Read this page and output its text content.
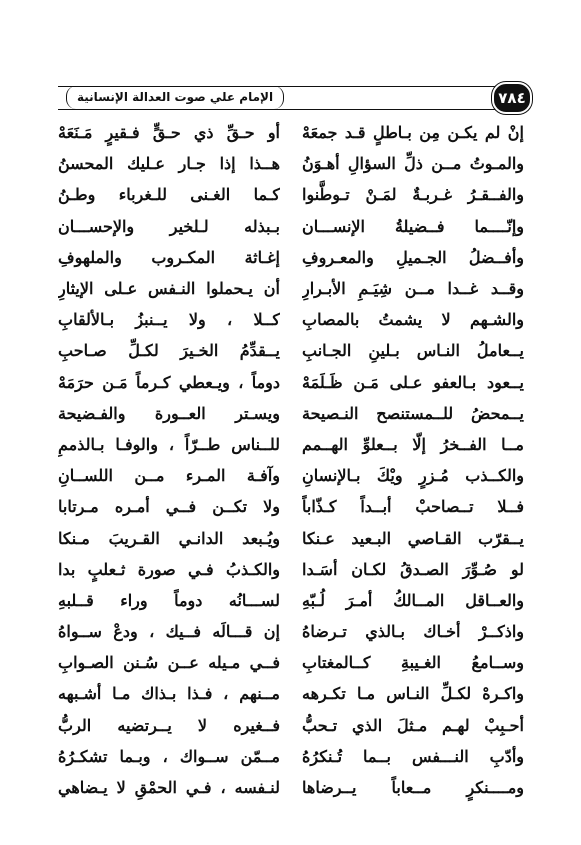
٧٨٤
الإمام علي صوت العدالة الإنسانية
إنْ لم يكـن مِن بـاطلٍ قـد جمعَهْ
أو حـقِّ ذي حـقٍّ فـقيرٍ مَـنَعَهْ
والمـوتُ مــن ذلِّ السؤالِ أهـوَنُ
هــذا إذا جـار عـليك المحسنُ
والفــقـرُ غـربـةٌ لمَـنْ تـوطَّنوا
كـما الغـنى للـغرباء وطـنُ
وإنّــــما فــضيلةُ الإنســـان
بـبذله لـلخير والإحســـان
وأفــضلُ الجـميلِ والمعـروفِ
إغـاثة المكـروب والملهوفِ
وقــد غــدا مــن شِيَـمِ الأبـرارِ
أن يـحملوا النـفس عـلى الإيثارِ
والشـهم لا يشمتُ بالمصابِ
كــلا ، ولا يــنبزُ بـالألقابِ
يــعاملُ النـاس بـلينِ الجـانبِ
يــقدِّمُ الخـيرَ لكـلِّ صـاحبِ
يــعود بـالعفو عـلى مَـن ظَـلَمَهْ
دوماً ، ويـعطي كـرماً مَـن حرَمَهْ
يــمحضُ للــمستنصح النـصيحة
ويسـتر العــورة والفـضيحة
مــا الفــخرُ إلّا بــعلوِّ الهــمم
للــناس طــرّاً ، والوفـا بـالذممِ
والكــذب مُـزرٍ ويْكَ بـالإنسانِ
وآفـة المـرء مــن اللســانِ
فــلا تــصاحبْ أبــداً كـذّاباً
ولا تكــن فــي أمـره مـرتابا
يــقرّب القـاصي البـعيد عـنكا
ويُـبعد الدانـي القـريبَ مـنكا
لو صُـوِّرَ الصـدقُ لكـان أسَـدا
والكـذبُ فـي صورة ثـعلبٍ بدا
والعــاقل المــالكُ أمـرَ لُـبّهِ
لســـانُه دوماً وراء قــلبهِ
واذكــرْ أخـاك بـالذي تـرضاهُ
إن قـــالَه فــيك ، ودعْ ســواهُ
وســامعُ الغـيبةِ كــالمغتابِ
فــي مـيله عــن سُـنن الصـوابِ
واكـرهْ لكـلِّ النـاس مـا تكـرهه
مــنهم ، فـذا بـذاك مـا أشـبهه
أحـبِبْ لهـم مـثلَ الذي تـحبُّ
فــغيره لا يــرتضيه الربُّ
وأدّبِ النـــفس بــما تُـنكرُهُ
مــمّن ســواك ، وبـما تشكـرُهُ
ومــــنكرٍ مــعاباً يــرضاها
لنـفسه ، فـي الحمْقِ لا يـضاهي
